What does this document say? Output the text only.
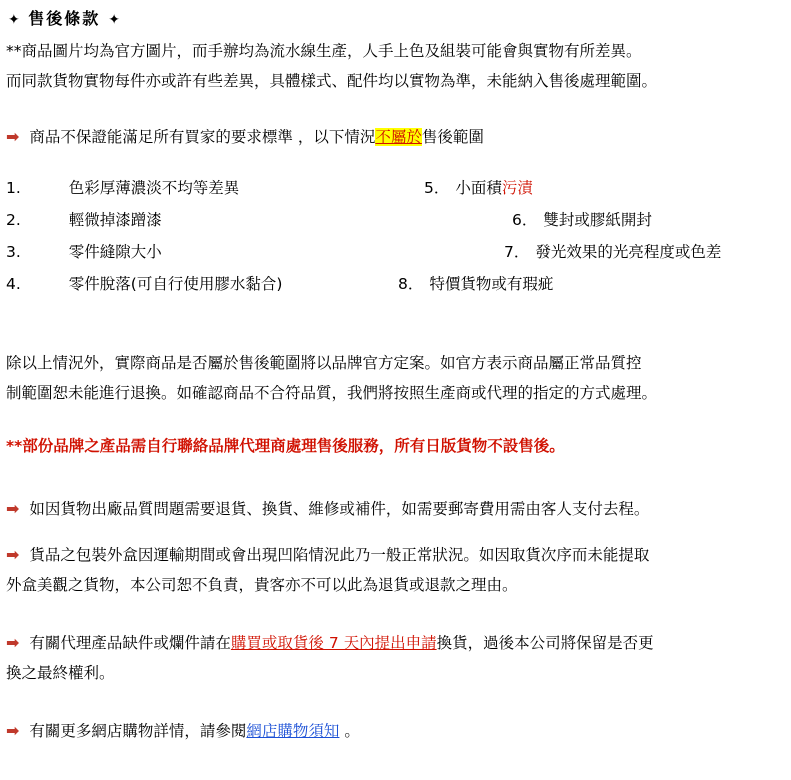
✦ 售後條款 ✦
**商品圖片均為官方圖片，而手辦均為流水線生產，人手上色及組裝可能會與實物有所差異。
而同款貨物實物每件亦或許有些差異，具體樣式、配件均以實物為準，未能納入售後處理範圍。
➡ 商品不保證能滿足所有買家的要求標準 ，以下情況不屬於售後範圍
1.	色彩厚薄濃淡不均等差異
2.	輕微掉漆蹭漆
3.	零件縫隙大小
4.	零件脫落(可自行使用膠水黏合)
5． 小面積污漬
6． 雙封或膠紙開封
7． 發光效果的光亮程度或色差
8． 特價貨物或有瑕疵
除以上情況外，實際商品是否屬於售後範圍將以品牌官方定案。如官方表示商品屬正常品質控
制範圍恕未能進行退換。如確認商品不合符品質，我們將按照生產商或代理的指定的方式處理。
**部份品牌之產品需自行聯絡品牌代理商處理售後服務，所有日版貨物不設售後。
➡ 如因貨物出廠品質問題需要退貨、換貨、維修或補件，如需要郵寄費用需由客人支付去程。
➡ 貨品之包裝外盒因運輸期間或會出現凹陷情況此乃一般正常狀況。如因取貨次序而未能提取
外盒美觀之貨物，本公司恕不負責，貴客亦不可以此為退貨或退款之理由。
➡ 有關代理產品缺件或爛件請在購買或取貨後 7 天內提出申請換貨，過後本公司將保留是否更
換之最終權利。
➡ 有關更多網店購物詳情，請參閱網店購物須知 。
